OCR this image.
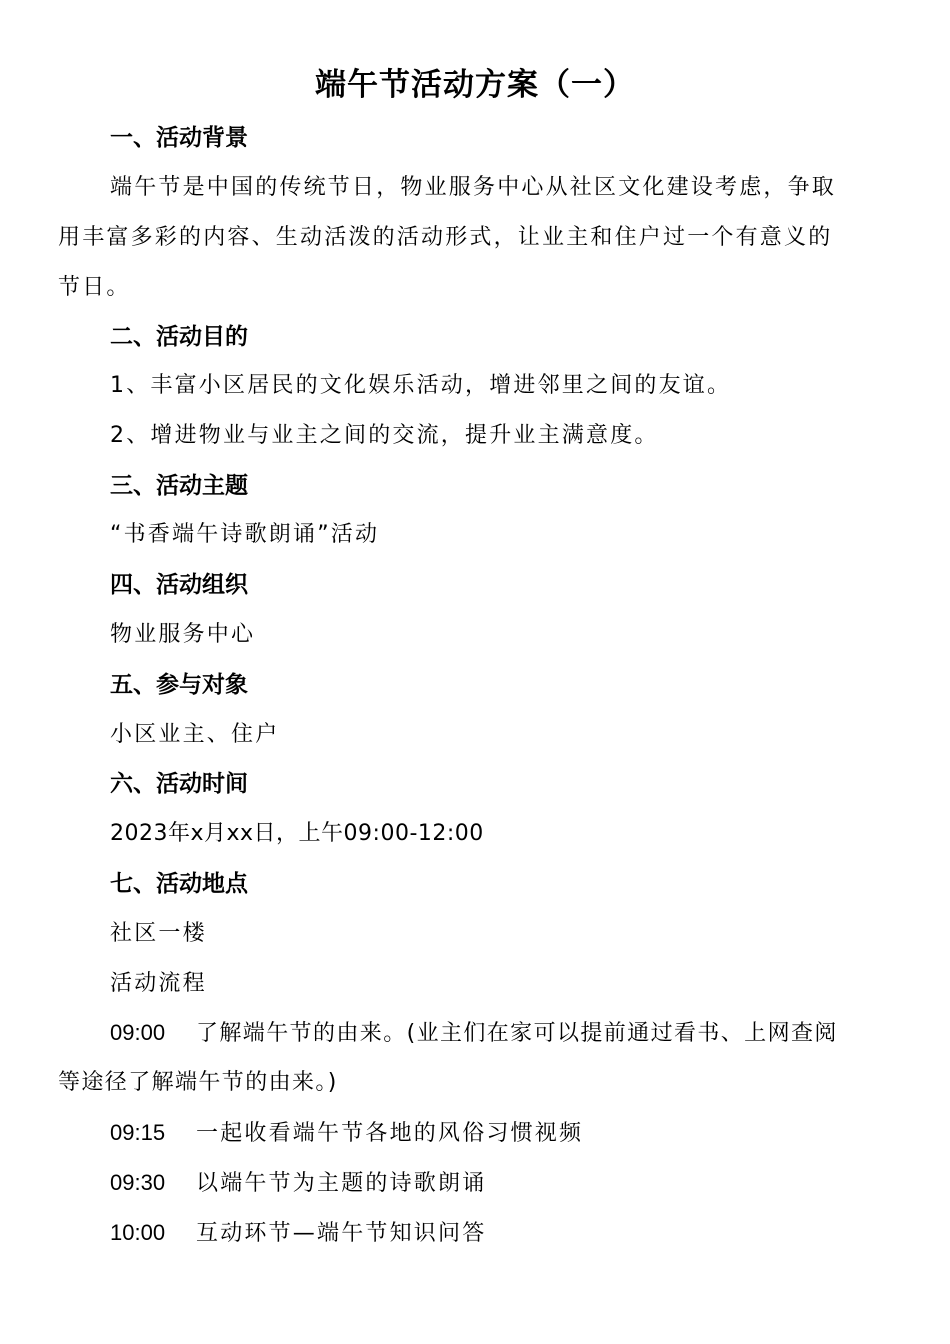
端午节活动方案（一）
一、活动背景
端午节是中国的传统节日，物业服务中心从社区文化建设考虑，争取
用丰富多彩的内容、生动活泼的活动形式，让业主和住户过一个有意义的
节日。
二、活动目的
1、丰富小区居民的文化娱乐活动，增进邻里之间的友谊。
2、增进物业与业主之间的交流，提升业主满意度。
三、活动主题
“书香端午诗歌朗诵”活动
四、活动组织
物业服务中心
五、参与对象
小区业主、住户
六、活动时间
2023年x月xx日，上午09:00-12:00
七、活动地点
社区一楼
活动流程
09:00 了解端午节的由来。(业主们在家可以提前通过看书、上网查阅
等途径了解端午节的由来。)
09:15 一起收看端午节各地的风俗习惯视频
09:30 以端午节为主题的诗歌朗诵
10:00 互动环节—端午节知识问答
